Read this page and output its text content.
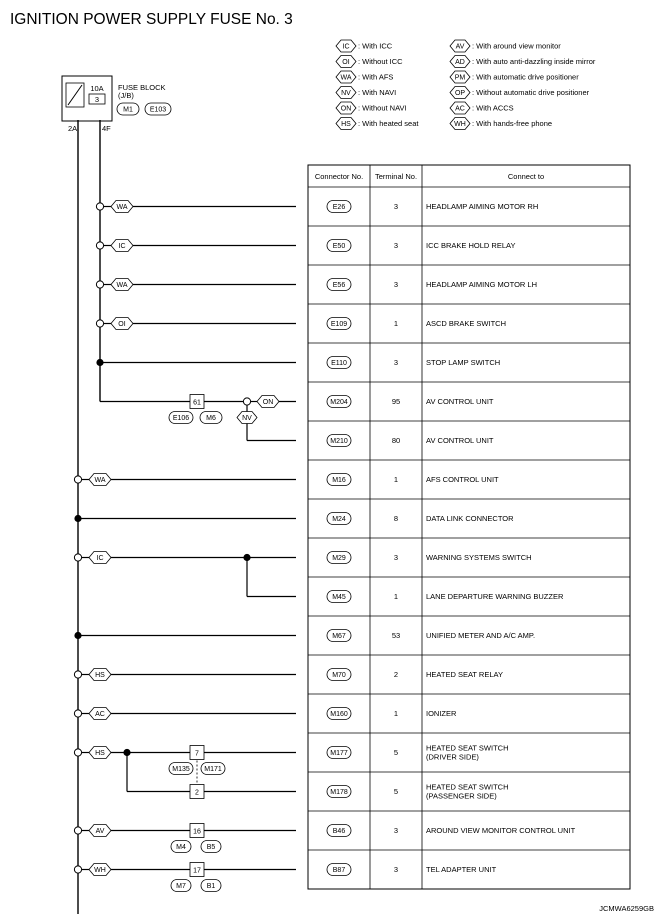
IGNITION POWER SUPPLY FUSE No. 3
IC : With ICC
OI : Without ICC
WA : With AFS
NV : With NAVI
ON : Without NAVI
HS : With heated seat
AV : With around view monitor
AD : With auto anti-dazzling inside mirror
PM : With automatic drive positioner
OP : Without automatic drive positioner
AC : With ACCS
WH : With hands-free phone
10A
3
FUSE BLOCK
(J/B)
M1 E103
2A	4F
WA
IC
WA
OI
61
E106 M6
ON
NV
WA
HS
AC
IC
HS	7
M135 M171
2
AV	16
M4	B5
WH	17
M7	B1
Connector No. Terminal No.	Connect to
E26	3	HEADLAMP AIMING MOTOR RH
E50	3	ICC BRAKE HOLD RELAY
E56	3	HEADLAMP AIMING MOTOR LH
E109	1	ASCD BRAKE SWITCH
E110	3	STOP LAMP SWITCH
M204	95	AV CONTROL UNIT
M210	80	AV CONTROL UNIT
M16	1	AFS CONTROL UNIT
M24	8	DATA LINK CONNECTOR
M29	3	WARNING SYSTEMS SWITCH
M45	1	LANE DEPARTURE WARNING BUZZER
M67	53	UNIFIED METER AND A/C AMP.
M70	2	HEATED SEAT RELAY
M160	1	IONIZER
M177	5	HEATED SEAT SWITCH
(DRIVER SIDE)
M178	5	HEATED SEAT SWITCH
(PASSENGER SIDE)
B46	3	AROUND VIEW MONITOR CONTROL UNIT
B87	3	TEL ADAPTER UNIT
JCMWA6259GB
